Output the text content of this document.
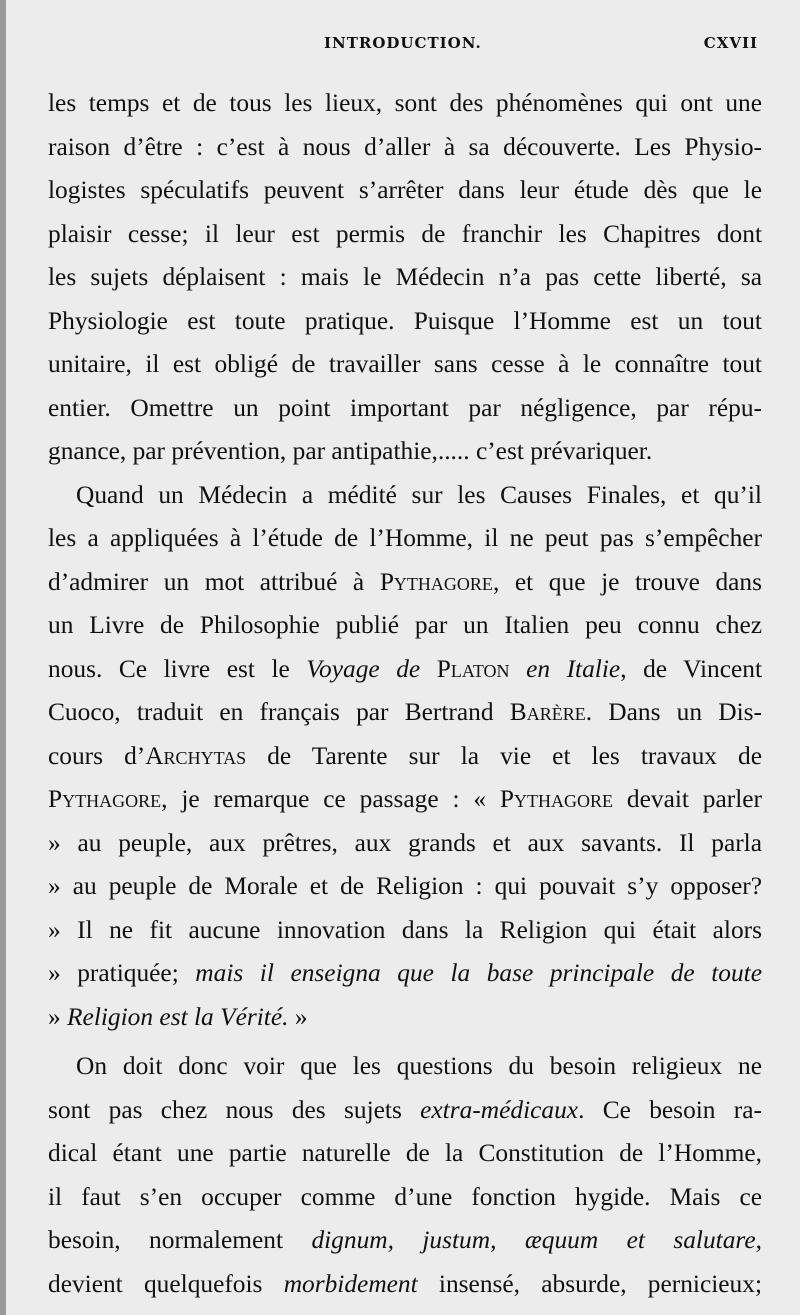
INTRODUCTION.	CXVII
les temps et de tous les lieux, sont des phénomènes qui ont une
raison d’être : c’est à nous d’aller à sa découverte. Les Physio-
logistes spéculatifs peuvent s’arrêter dans leur étude dès que le
plaisir cesse; il leur est permis de franchir les Chapitres dont
les sujets déplaisent : mais le Médecin n’a pas cette liberté, sa
Physiologie est toute pratique. Puisque l’Homme est un tout
unitaire, il est obligé de travailler sans cesse à le connaître tout
entier. Omettre un point important par négligence, par répu-
gnance, par prévention, par antipathie,..... c’est prévariquer.
Quand un Médecin a médité sur les Causes Finales, et qu’il
les a appliquées à l’étude de l’Homme, il ne peut pas s’empêcher
d’admirer un mot attribué à Pythagore, et que je trouve dans
un Livre de Philosophie publié par un Italien peu connu chez
nous. Ce livre est le Voyage de Platon en Italie, de Vincent
Cuoco, traduit en français par Bertrand Barère. Dans un Dis-
cours d’Archytas de Tarente sur la vie et les travaux de
Pythagore, je remarque ce passage : « Pythagore devait parler
» au peuple, aux prêtres, aux grands et aux savants. Il parla
» au peuple de Morale et de Religion : qui pouvait s’y opposer?
» Il ne fit aucune innovation dans la Religion qui était alors
» pratiquée; mais il enseigna que la base principale de toute
» Religion est la Vérité. »
On doit donc voir que les questions du besoin religieux ne
sont pas chez nous des sujets extra-médicaux. Ce besoin ra-
dical étant une partie naturelle de la Constitution de l’Homme,
il faut s’en occuper comme d’une fonction hygide. Mais ce
besoin, normalement dignum, justum, æquum et salutare,
devient quelquefois morbidement insensé, absurde, pernicieux;
